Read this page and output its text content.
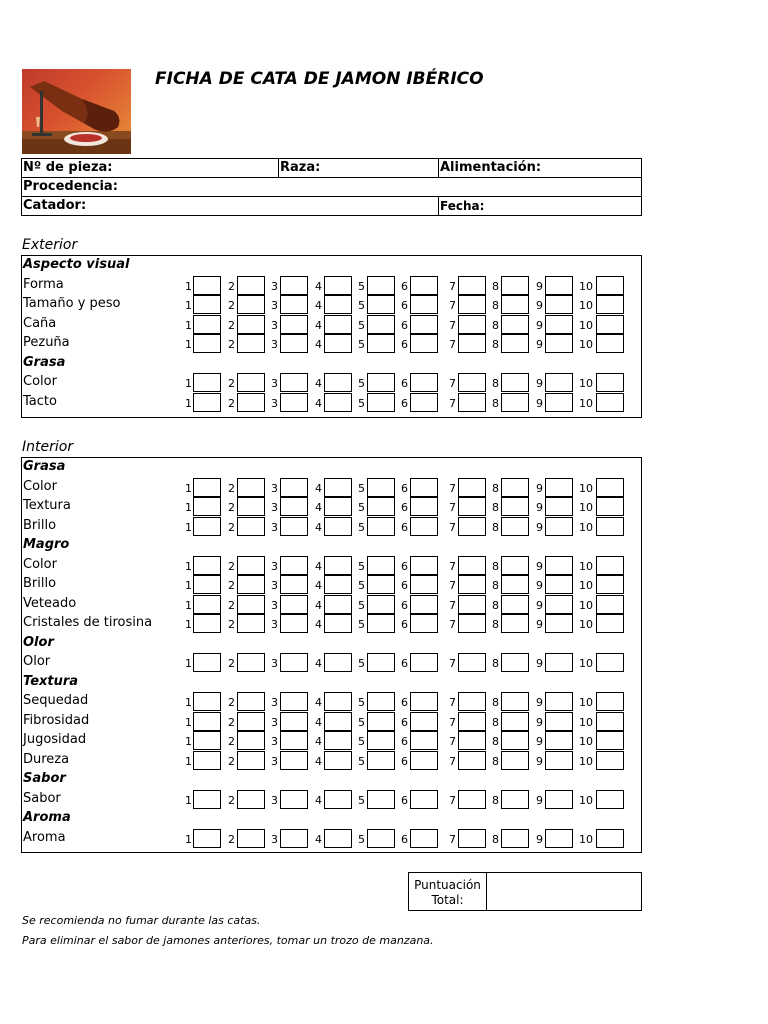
FICHA DE CATA DE JAMON IBÉRICO
Nº de pieza:	Raza:	Alimentación:
Procedencia:
Catador:	Fecha:
Exterior
Aspecto visual
Forma	1	2	3	4	5	6	7	8	9	10
Tamaño y peso	1	2	3	4	5	6	7	8	9	10
Caña	1	2	3	4	5	6	7	8	9	10
Pezuña	1	2	3	4	5	6	7	8	9	10
Grasa
Color	1	2	3	4	5	6	7	8	9	10
Tacto	1	2	3	4	5	6	7	8	9	10
Interior
Grasa
Color	1	2	3	4	5	6	7	8	9	10
Textura	1	2	3	4	5	6	7	8	9	10
Brillo	1	2	3	4	5	6	7	8	9	10
Magro
Color	1	2	3	4	5	6	7	8	9	10
Brillo	1	2	3	4	5	6	7	8	9	10
Veteado	1	2	3	4	5	6	7	8	9	10
Cristales de tirosina	1	2	3	4	5	6	7	8	9	10
Olor
Olor	1	2	3	4	5	6	7	8	9	10
Textura
Sequedad	1	2	3	4	5	6	7	8	9	10
Fibrosidad	1	2	3	4	5	6	7	8	9	10
Jugosidad	1	2	3	4	5	6	7	8	9	10
Dureza	1	2	3	4	5	6	7	8	9	10
Sabor
Sabor	1	2	3	4	5	6	7	8	9	10
Aroma
Aroma	1	2	3	4	5	6	7	8	9	10
Puntuación Total:
Se recomienda no fumar durante las catas.
Para eliminar el sabor de jamones anteriores, tomar un trozo de manzana.
